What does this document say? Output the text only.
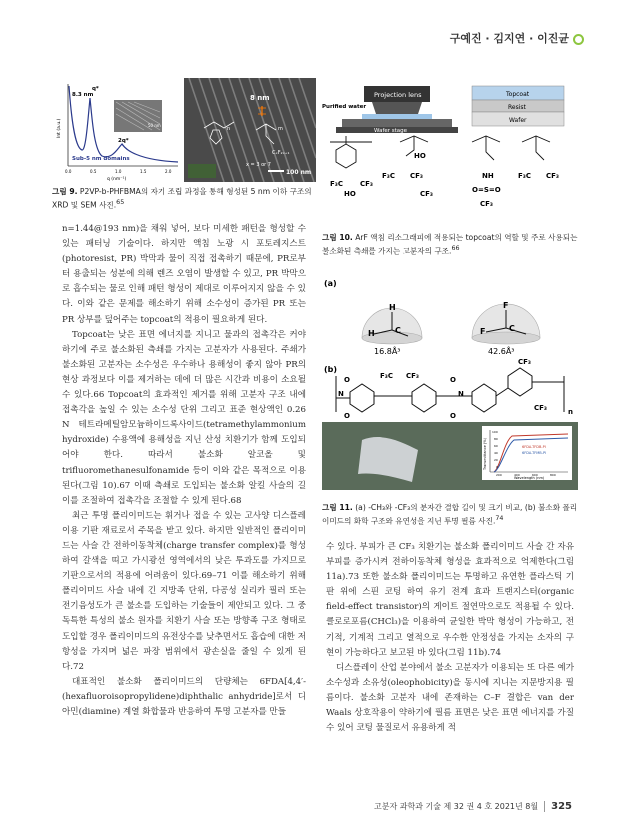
구예진 · 김지연 · 이진균
50 nm
8.3 nm
q*
2q*
Sub-5 nm domains
0.0	0.5	1.0	1.5	2.0
q (nm⁻¹)
Int (a.u.)
8 nm
n	m
CₓF₂ₓ₊₁
x = 3 or 7
100 nm
그림 9. P2VP-b-PHFBMA의 자기 조립 과정을 통해 형성된 5 nm 이하 구조의 XRD 및 SEM 사진.$^{65}$
Projection lens
Purified water
Wafer stage
Topcoat
Resist
Wafer
F₃C CF₃
HO
F₃C CF₃
HO
CF₃
F₃C CF₃
NH
O=S=O
CF₃
그림 10. ArF 액침 리소그래피에 적용되는 topcoat의 역할 및 주로 사용되는 불소화된 측쇄를 가지는 고분자의 구조.$^{66}$
(a)
H
H	C
F
F	C
16.8Å³	42.6Å³
(b)
N	N
O
O
O
O
F₃C CF₃
CF₃
CF₃	n
Transmittance (%)
Wavelength (nm)
100
80
60
40
20
0
200	400	600	800
6FDA-TFDB-PI
6FDA-TFMB-PI
그림 11. (a) -CH₃와 -CF₃의 분자간 결합 길이 및 크기 비교, (b) 불소화 폴리이미드의 화학 구조와 유연성을 지닌 투명 필름 사진.$^{74}$

n=1.44@193 nm)을 채워 넣어, 보다 미세한 패턴을 형성할 수 있는 패터닝 기술이다. 하지만 액침 노광 시 포토레지스트(photoresist, PR) 박막과 물이 직접 접촉하기 때문에, PR로부터 용출되는 성분에 의해 렌즈 오염이 발생할 수 있고, PR 박막으로 흡수되는 물로 인해 패턴 형성이 제대로 이루어지지 않을 수 있다. 이와 같은 문제를 해소하기 위해 소수성이 증가된 PR 또는 PR 상부를 덮어주는 topcoat의 적용이 필요하게 된다.

Topcoat는 낮은 표면 에너지를 지니고 물과의 접촉각은 커야 하기에 주로 불소화된 측쇄를 가지는 고분자가 사용된다. 주쇄가 불소화된 고분자는 소수성은 우수하나 용해성이 좋지 않아 PR의 현상 과정보다 이를 제거하는 데에 더 많은 시간과 비용이 소요될 수 있다.66 Topcoat의 효과적인 제거를 위해 고분자 구조 내에 접촉각을 높일 수 있는 소수성 단위 그리고 표준 현상액인 0.26 N 테트라메틸암모늄하이드록사이드(tetramethylammonium hydroxide) 수용액에 용해성을 지닌 산성 치환기가 함께 도입되어야 한다. 따라서 불소화 알코올 및 trifluoromethanesulfonamide 등이 이와 같은 목적으로 이용된다(그림 10).67 이때 측쇄로 도입되는 불소화 알킬 사슬의 길이를 조절하여 접촉각을 조절할 수 있게 된다.68

최근 투명 폴리이미드는 휘거나 접을 수 있는 고사양 디스플레이용 기판 재료로서 주목을 받고 있다. 하지만 일반적인 폴리이미드는 사슬 간 전하이동착체(charge transfer complex)를 형성하여 갈색을 띠고 가시광선 영역에서의 낮은 투과도를 가지므로 기판으로서의 적용에 어려움이 있다.69–71 이를 해소하기 위해 폴리이미드 사슬 내에 긴 지방족 단위, 다공성 실리카 필러 또는 전기음성도가 큰 불소를 도입하는 기술들이 제안되고 있다. 그 중 독특한 특성의 불소 원자를 치환기 사슬 또는 방향족 구조 형태로 도입할 경우 폴리이미드의 유전상수를 낮추면서도 흡습에 대한 저항성을 가지며 넓은 파장 범위에서 광손실을 줄일 수 있게 된다.72

대표적인 불소화 폴리이미드의 단량체는 6FDA[4,4′-(hexafluoroisopropylidene)diphthalic anhydride]로서 디아민(diamine) 계열 화합물과 반응하여 투명 고분자를 만들

수 있다. 부피가 큰 CF₃ 치환기는 불소화 폴리이미드 사슬 간 자유 부피를 증가시켜 전하이동착체 형성을 효과적으로 억제한다(그림 11a).73 또한 불소화 폴리이미드는 투명하고 유연한 플라스틱 기판 위에 스핀 코팅 하여 유기 전계 효과 트랜지스터(organic field-effect transistor)의 게이트 절연막으로도 적용될 수 있다. 클로로포름(CHCl₃)을 이용하여 균일한 박막 형성이 가능하고, 전기적, 기계적 그리고 열적으로 우수한 안정성을 가지는 소자의 구현이 가능하다고 보고된 바 있다(그림 11b).74

디스플레이 산업 분야에서 불소 고분자가 이용되는 또 다른 예가 소수성과 소유성(oleophobicity)을 동시에 지니는 지문방지용 필름이다. 불소화 고분자 내에 존재하는 C–F 결합은 van der Waals 상호작용이 약하기에 필름 표면은 낮은 표면 에너지를 가질 수 있어 코팅 물질로서 유용하게 적

고분자 과학과 기술 제 32 권 4 호 2021년 8월 325
